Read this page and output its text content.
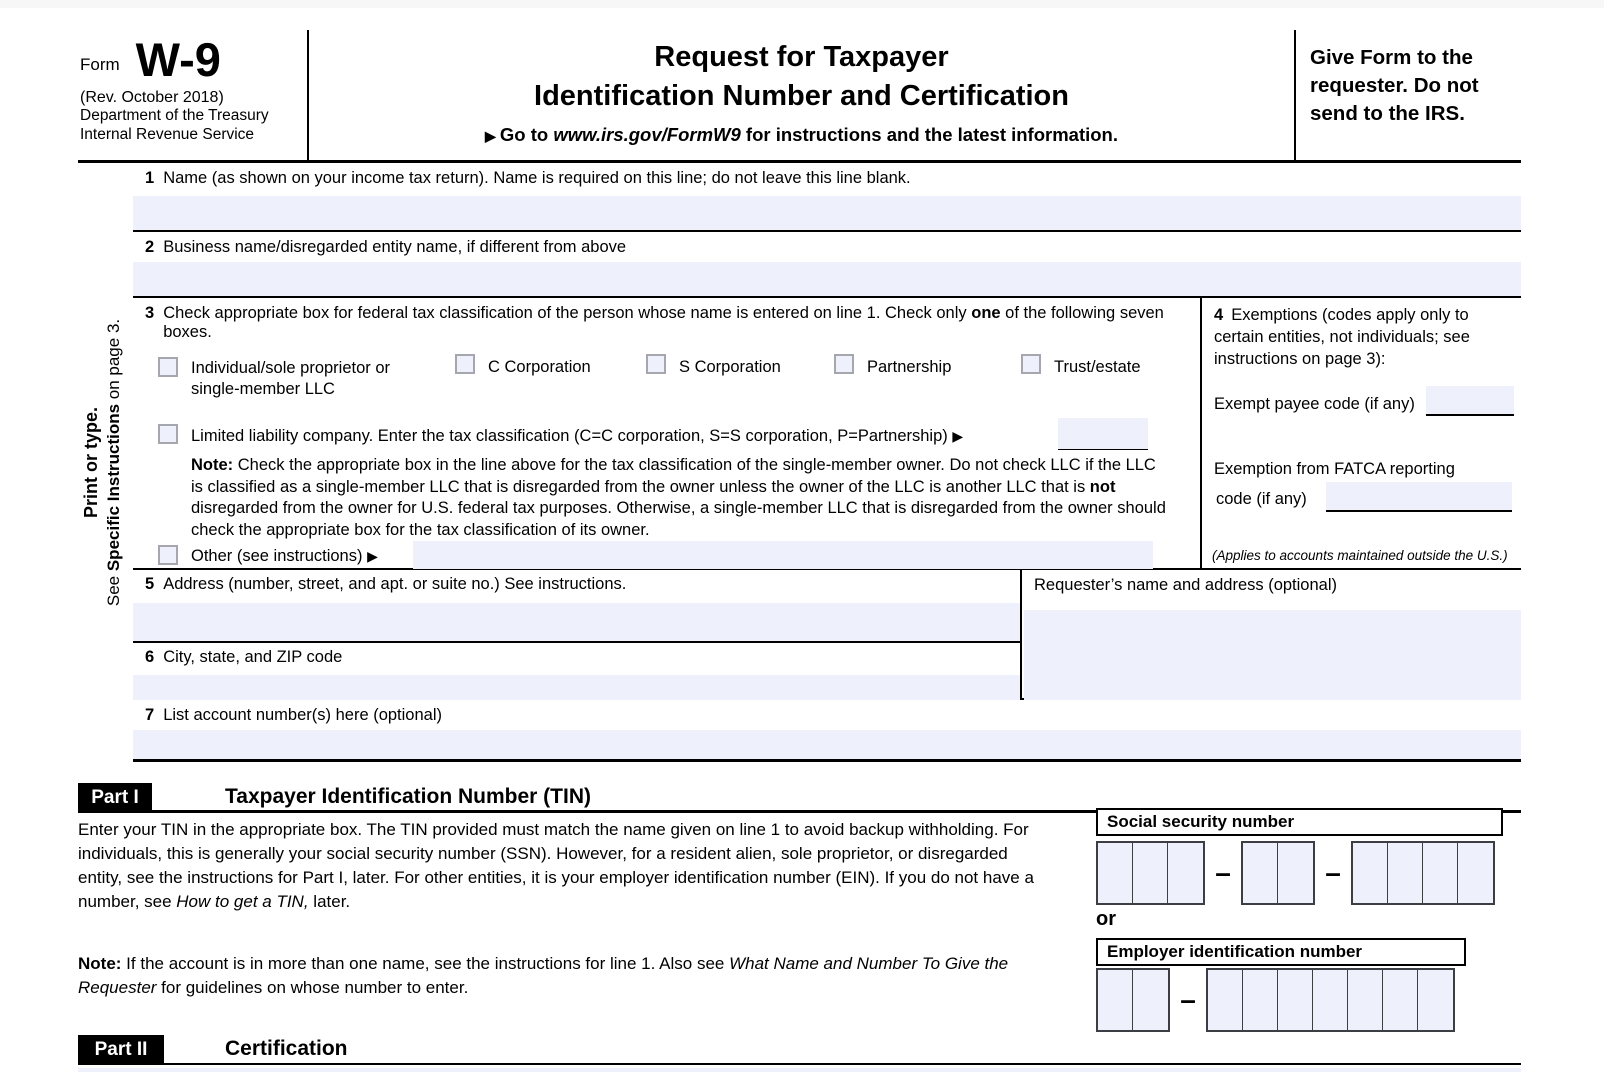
Form W-9
(Rev. October 2018)
Department of the Treasury
Internal Revenue Service
Request for Taxpayer
Identification Number and Certification
▶ Go to www.irs.gov/FormW9 for instructions and the latest information.
Give Form to the requester. Do not send to the IRS.
Print or type.
See Specific Instructions on page 3.
1 Name (as shown on your income tax return). Name is required on this line; do not leave this line blank.
2 Business name/disregarded entity name, if different from above
3 Check appropriate box for federal tax classification of the person whose name is entered on line 1. Check only one of the following seven boxes.
Individual/sole proprietor or single-member LLC
C Corporation	S Corporation	Partnership	Trust/estate
Limited liability company. Enter the tax classification (C=C corporation, S=S corporation, P=Partnership) ▶
Note: Check the appropriate box in the line above for the tax classification of the single-member owner. Do not check LLC if the LLC is classified as a single-member LLC that is disregarded from the owner unless the owner of the LLC is another LLC that is not disregarded from the owner for U.S. federal tax purposes. Otherwise, a single-member LLC that is disregarded from the owner should check the appropriate box for the tax classification of its owner.
Other (see instructions) ▶
4 Exemptions (codes apply only to certain entities, not individuals; see instructions on page 3):
Exempt payee code (if any)
Exemption from FATCA reporting
code (if any)
(Applies to accounts maintained outside the U.S.)
5 Address (number, street, and apt. or suite no.) See instructions.
6 City, state, and ZIP code
Requester’s name and address (optional)
7 List account number(s) here (optional)
Part I	Taxpayer Identification Number (TIN)
Enter your TIN in the appropriate box. The TIN provided must match the name given on line 1 to avoid backup withholding. For individuals, this is generally your social security number (SSN). However, for a resident alien, sole proprietor, or disregarded entity, see the instructions for Part I, later. For other entities, it is your employer identification number (EIN). If you do not have a number, see How to get a TIN, later.
Note: If the account is in more than one name, see the instructions for line 1. Also see What Name and Number To Give the Requester for guidelines on whose number to enter.
Social security number
–	–
or
Employer identification number
–
Part II	Certification
